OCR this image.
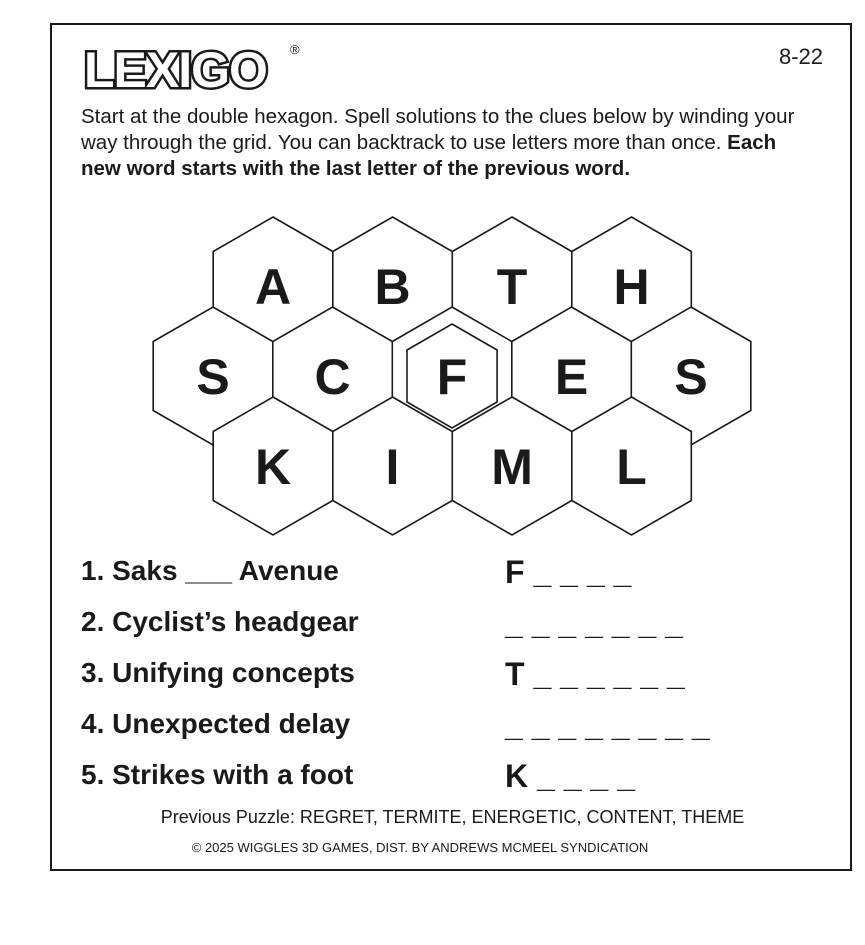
LEXIGO ®	8-22
Start at the double hexagon. Spell solutions to the clues below by winding your way through the grid. You can backtrack to use letters more than once. Each new word starts with the last letter of the previous word.
A B T H
S C F E S
K I M L
1. Saks ___ Avenue
2. Cyclist’s headgear
3. Unifying concepts
4. Unexpected delay
5. Strikes with a foot
F _ _ _ _
_ _ _ _ _ _ _
T _ _ _ _ _ _
_ _ _ _ _ _ _ _
K _ _ _ _
Previous Puzzle: REGRET, TERMITE, ENERGETIC, CONTENT, THEME
© 2025 WIGGLES 3D GAMES, DIST. BY ANDREWS MCMEEL SYNDICATION
